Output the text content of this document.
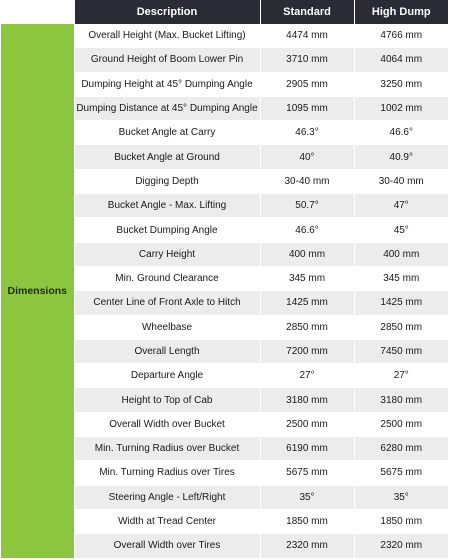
	Description	Standard	High Dump
Dimensions	Overall Height (Max. Bucket Lifting)	4474 mm	4766 mm
	Ground Height of Boom Lower Pin	3710 mm	4064 mm
	Dumping Height at 45° Dumping Angle	2905 mm	3250 mm
	Dumping Distance at 45° Dumping Angle	1095 mm	1002 mm
	Bucket Angle at Carry	46.3°	46.6°
	Bucket Angle at Ground	40°	40.9°
	Digging Depth	30-40 mm	30-40 mm
	Bucket Angle - Max. Lifting	50.7°	47°
	Bucket Dumping Angle	46.6°	45°
	Carry Height	400 mm	400 mm
	Min. Ground Clearance	345 mm	345 mm
	Center Line of Front Axle to Hitch	1425 mm	1425 mm
	Wheelbase	2850 mm	2850 mm
	Overall Length	7200 mm	7450 mm
	Departure Angle	27°	27°
	Height to Top of Cab	3180 mm	3180 mm
	Overall Width over Bucket	2500 mm	2500 mm
	Min. Turning Radius over Bucket	6190 mm	6280 mm
	Min. Turning Radius over Tires	5675 mm	5675 mm
	Steering Angle - Left/Right	35°	35°
	Width at Tread Center	1850 mm	1850 mm
	Overall Width over Tires	2320 mm	2320 mm
